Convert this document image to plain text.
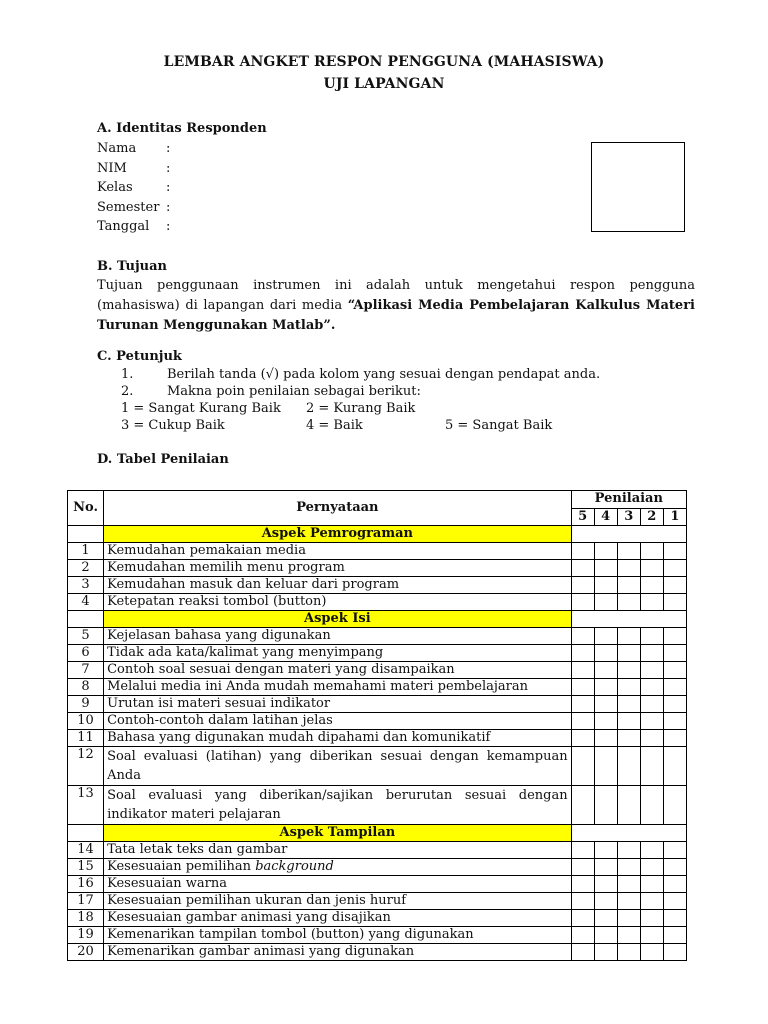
LEMBAR ANGKET RESPON PENGGUNA (MAHASISWA)
UJI LAPANGAN
A. Identitas Responden
Nama :
NIM	:
Kelas	:
Semester :
Tanggal :
B. Tujuan
Tujuan penggunaan instrumen ini adalah untuk mengetahui respon pengguna (mahasiswa) di lapangan dari media “Aplikasi Media Pembelajaran Kalkulus Materi Turunan Menggunakan Matlab”.
C. Petunjuk
1.	Berilah tanda (√) pada kolom yang sesuai dengan pendapat anda.
2.	Makna poin penilaian sebagai berikut:
1 = Sangat Kurang Baik 2 = Kurang Baik
3 = Cukup Baik	4 = Baik	5 = Sangat Baik
D. Tabel Penilaian
No.	Pernyataan	Penilaian				
		5	4	3	2	1
	Aspek Pemrograman					
1	Kemudahan pemakaian media					
2	Kemudahan memilih menu program					
3	Kemudahan masuk dan keluar dari program					
4	Ketepatan reaksi tombol (button)					
	Aspek Isi					
5	Kejelasan bahasa yang digunakan					
6	Tidak ada kata/kalimat yang menyimpang					
7	Contoh soal sesuai dengan materi yang disampaikan					
8	Melalui media ini Anda mudah memahami materi pembelajaran					
9	Urutan isi materi sesuai indikator					
10	Contoh-contoh dalam latihan jelas					
11	Bahasa yang digunakan mudah dipahami dan komunikatif					
12	Soal evaluasi (latihan) yang diberikan sesuai dengan kemampuan Anda					
13	Soal evaluasi yang diberikan/sajikan berurutan sesuai dengan indikator materi pelajaran					
	Aspek Tampilan					
14	Tata letak teks dan gambar					
15	Kesesuaian pemilihan background					
16	Kesesuaian warna					
17	Kesesuaian pemilihan ukuran dan jenis huruf					
18	Kesesuaian gambar animasi yang disajikan					
19	Kemenarikan tampilan tombol (button) yang digunakan					
20	Kemenarikan gambar animasi yang digunakan					
